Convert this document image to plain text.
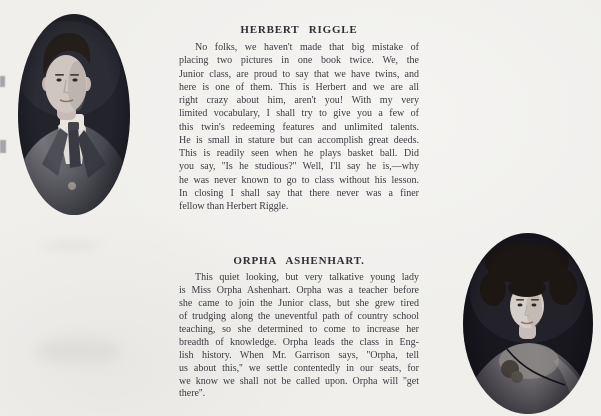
HERBERT RIGGLE
No folks, we haven't made that big mistake of
placing two pictures in one book twice. We, the
Junior class, are proud to say that we have twins, and
here is one of them. This is Herbert and we are all
right crazy about him, aren't you! With my very
limited vocabulary, I shall try to give you a few of
this twin's redeeming features and unlimited talents.
He is small in stature but can accomplish great deeds.
This is readily seen when he plays basket ball. Did
you say, ''Is he studious?'' Well, I'll say he is,—why
he was never known to go to class without his lesson.
In closing I shall say that there never was a finer
fellow than Herbert Riggle.
ORPHA ASHENHART.
This quiet looking, but very talkative young lady
is Miss Orpha Ashenhart. Orpha was a teacher before
she came to join the Junior class, but she grew tired
of trudging along the uneventful path of country school
teaching, so she determined to come to increase her
breadth of knowledge. Orpha leads the class in Eng-
lish history. When Mr. Garrison says, ''Orpha, tell
us about this,'' we settle contentedly in our seats, for
we know we shall not be called upon. Orpha will ''get
there''.
